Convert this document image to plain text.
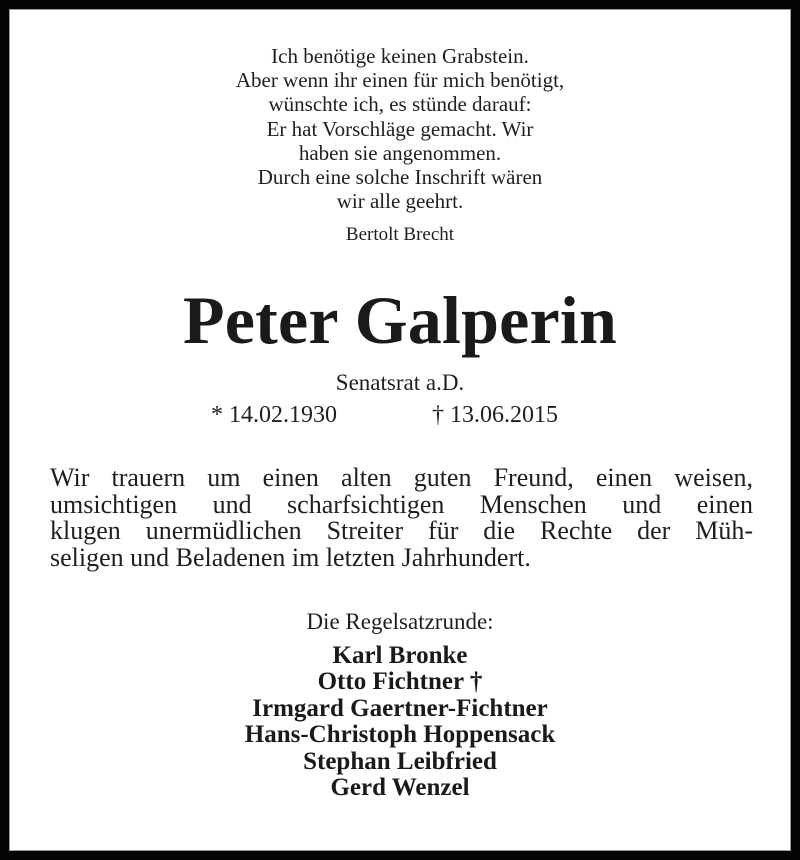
Ich benötige keinen Grabstein.
Aber wenn ihr einen für mich benötigt,
wünschte ich, es stünde darauf:
Er hat Vorschläge gemacht. Wir
haben sie angenommen.
Durch eine solche Inschrift wären
wir alle geehrt.
Bertolt Brecht
Peter Galperin
Senatsrat a.D.
* 14.02.1930	† 13.06.2015

Wir trauern um einen alten guten Freund, einen weisen,
umsichtigen und scharfsichtigen Menschen und einen
klugen unermüdlichen Streiter für die Rechte der Müh-
seligen und Beladenen im letzten Jahrhundert.

Die Regelsatzrunde:
Karl Bronke
Otto Fichtner †
Irmgard Gaertner-Fichtner
Hans-Christoph Hoppensack
Stephan Leibfried
Gerd Wenzel
